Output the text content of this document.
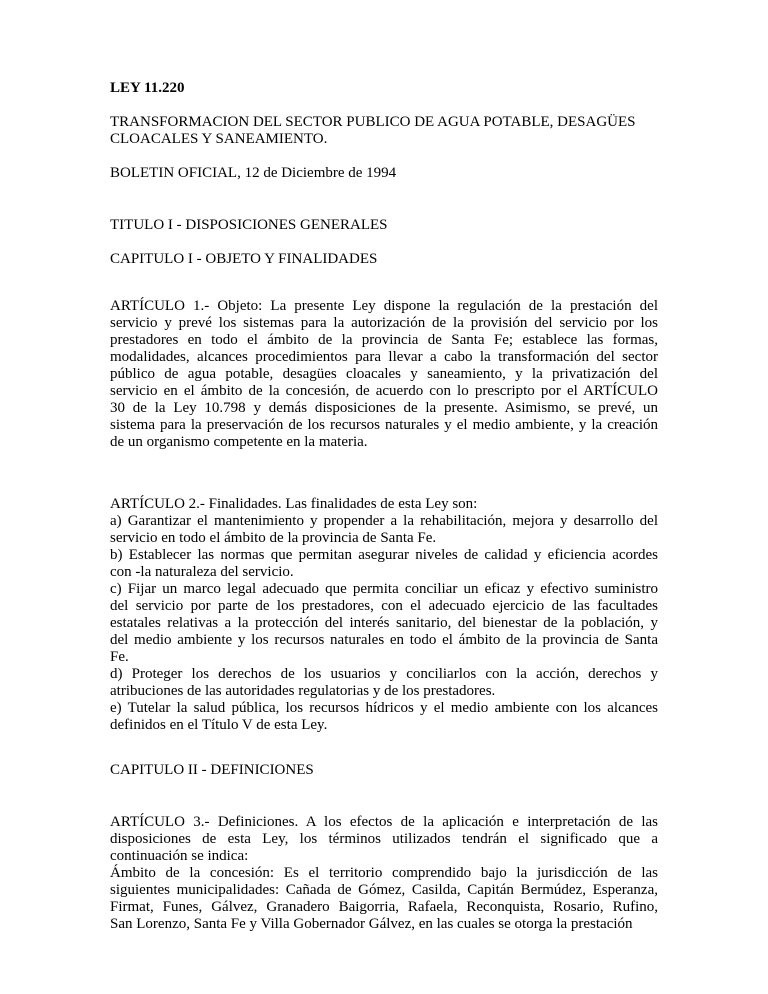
LEY 11.220
TRANSFORMACION DEL SECTOR PUBLICO DE AGUA POTABLE, DESAGÜES
CLOACALES Y SANEAMIENTO.
BOLETIN OFICIAL, 12 de Diciembre de 1994
TITULO I - DISPOSICIONES GENERALES
CAPITULO I - OBJETO Y FINALIDADES
ARTÍCULO 1.- Objeto: La presente Ley dispone la regulación de la prestación del
servicio y prevé los sistemas para la autorización de la provisión del servicio por los
prestadores en todo el ámbito de la provincia de Santa Fe; establece las formas,
modalidades, alcances procedimientos para llevar a cabo la transformación del sector
público de agua potable, desagües cloacales y saneamiento, y la privatización del
servicio en el ámbito de la concesión, de acuerdo con lo prescripto por el ARTÍCULO
30 de la Ley 10.798 y demás disposiciones de la presente. Asimismo, se prevé, un
sistema para la preservación de los recursos naturales y el medio ambiente, y la creación
de un organismo competente en la materia.
ARTÍCULO 2.- Finalidades. Las finalidades de esta Ley son:
a) Garantizar el mantenimiento y propender a la rehabilitación, mejora y desarrollo del
servicio en todo el ámbito de la provincia de Santa Fe.
b) Establecer las normas que permitan asegurar niveles de calidad y eficiencia acordes
con -la naturaleza del servicio.
c) Fijar un marco legal adecuado que permita conciliar un eficaz y efectivo suministro
del servicio por parte de los prestadores, con el adecuado ejercicio de las facultades
estatales relativas a la protección del interés sanitario, del bienestar de la población, y
del medio ambiente y los recursos naturales en todo el ámbito de la provincia de Santa
Fe.
d) Proteger los derechos de los usuarios y conciliarlos con la acción, derechos y
atribuciones de las autoridades regulatorias y de los prestadores.
e) Tutelar la salud pública, los recursos hídricos y el medio ambiente con los alcances
definidos en el Título V de esta Ley.
CAPITULO II - DEFINICIONES
ARTÍCULO 3.- Definiciones. A los efectos de la aplicación e interpretación de las
disposiciones de esta Ley, los términos utilizados tendrán el significado que a
continuación se indica:
Ámbito de la concesión: Es el territorio comprendido bajo la jurisdicción de las
siguientes municipalidades: Cañada de Gómez, Casilda, Capitán Bermúdez, Esperanza,
Firmat, Funes, Gálvez, Granadero Baigorria, Rafaela, Reconquista, Rosario, Rufino,
San Lorenzo, Santa Fe y Villa Gobernador Gálvez, en las cuales se otorga la prestación
